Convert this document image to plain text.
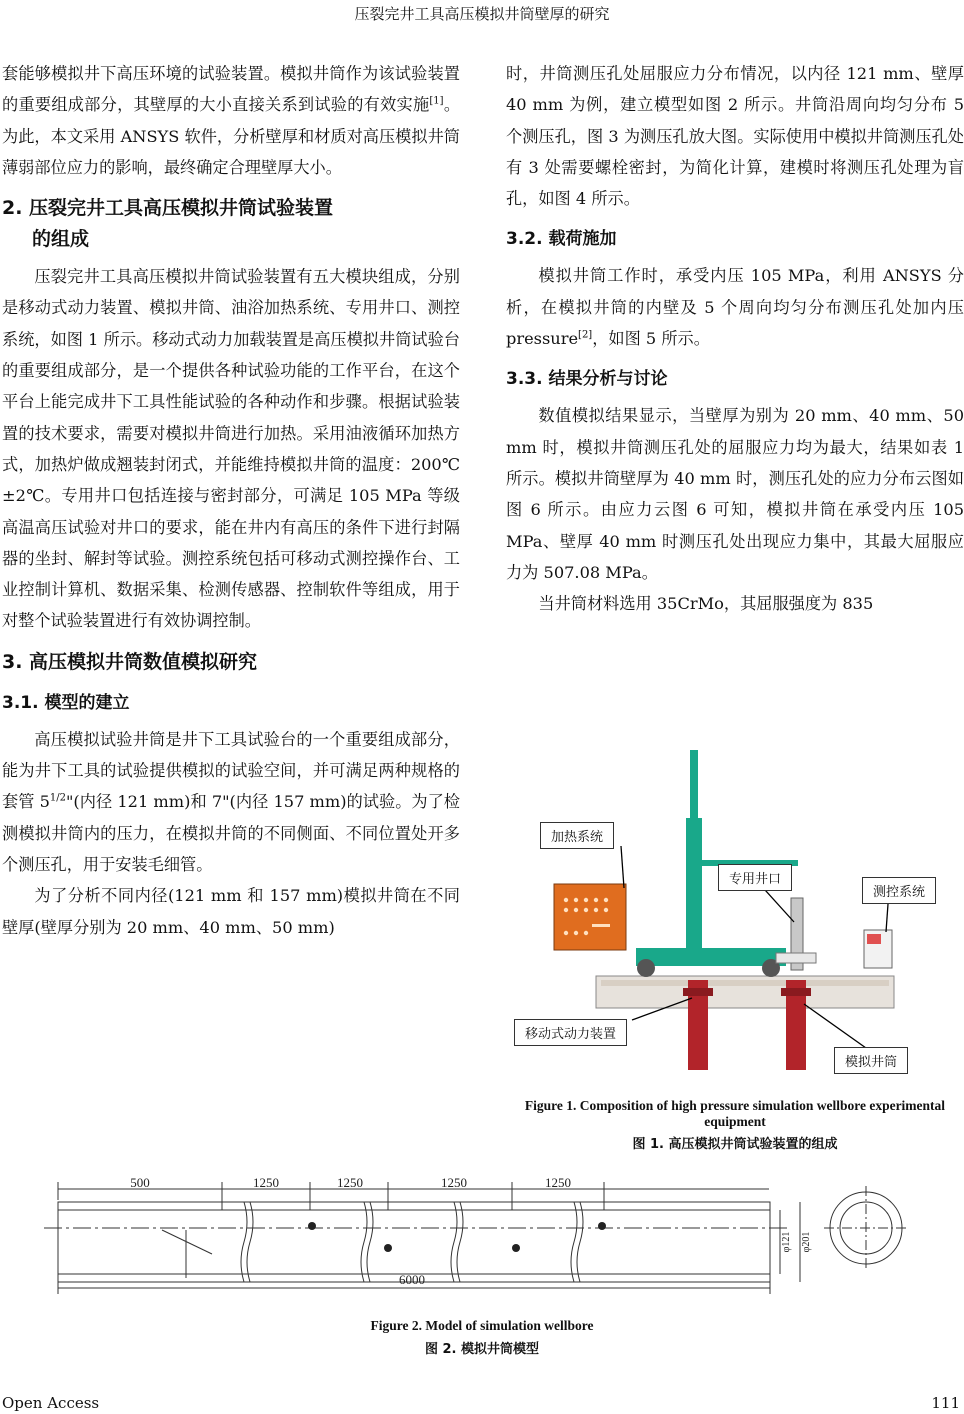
压裂完井工具高压模拟井筒壁厚的研究

套能够模拟井下高压环境的试验装置。模拟井筒作为该试验装置的重要组成部分，其壁厚的大小直接关系到试验的有效实施[1]。为此，本文采用 ANSYS 软件，分析壁厚和材质对高压模拟井筒薄弱部位应力的影响，最终确定合理壁厚大小。

2. 压裂完井工具高压模拟井筒试验装置
的组成

压裂完井工具高压模拟井筒试验装置有五大模块组成，分别是移动式动力装置、模拟井筒、油浴加热系统、专用井口、测控系统，如图 1 所示。移动式动力加载装置是高压模拟井筒试验台的重要组成部分，是一个提供各种试验功能的工作平台，在这个平台上能完成井下工具性能试验的各种动作和步骤。根据试验装置的技术要求，需要对模拟井筒进行加热。采用油液循环加热方式，加热炉做成翘装封闭式，并能维持模拟井筒的温度：200℃ ±2℃。专用井口包括连接与密封部分，可满足 105 MPa 等级高温高压试验对井口的要求，能在井内有高压的条件下进行封隔器的坐封、解封等试验。测控系统包括可移动式测控操作台、工业控制计算机、数据采集、检测传感器、控制软件等组成，用于对整个试验装置进行有效协调控制。

3. 高压模拟井筒数值模拟研究
3.1. 模型的建立

高压模拟试验井筒是井下工具试验台的一个重要组成部分，能为井下工具的试验提供模拟的试验空间，并可满足两种规格的套管 $5^{1/2}$"(内径 121 mm)和 7"(内径 157 mm)的试验。为了检测模拟井筒内的压力，在模拟井筒的不同侧面、不同位置处开多个测压孔，用于安装毛细管。

为了分析不同内径(121 mm 和 157 mm)模拟井筒在不同壁厚(壁厚分别为 20 mm、40 mm、50 mm)

时，井筒测压孔处屈服应力分布情况，以内径 121 mm、壁厚 40 mm 为例，建立模型如图 2 所示。井筒沿周向均匀分布 5 个测压孔，图 3 为测压孔放大图。实际使用中模拟井筒测压孔处有 3 处需要螺栓密封，为简化计算，建模时将测压孔处理为盲孔，如图 4 所示。

3.2. 载荷施加

模拟井筒工作时，承受内压 105 MPa，利用 ANSYS 分析，在模拟井筒的内壁及 5 个周向均匀分布测压孔处加内压 pressure[2]，如图 5 所示。

3.3. 结果分析与讨论

数值模拟结果显示，当壁厚为别为 20 mm、40 mm、50 mm 时，模拟井筒测压孔处的屈服应力均为最大，结果如表 1 所示。模拟井筒壁厚为 40 mm 时，测压孔处的应力分布云图如图 6 所示。由应力云图 6 可知，模拟井筒在承受内压 105 MPa、壁厚 40 mm 时测压孔处出现应力集中，其最大屈服应力为 507.08 MPa。

当井筒材料选用 35CrMo，其屈服强度为 835

加热系统
专用井口
测控系统
移动式动力装置
模拟井筒
Figure 1. Composition of high pressure simulation wellbore experimental equipment
图 1. 高压模拟井筒试验装置的组成
500	1250	1250	1250	1250
6000
φ121 φ201
Figure 2. Model of simulation wellbore
图 2. 模拟井筒模型
Open Access	111
